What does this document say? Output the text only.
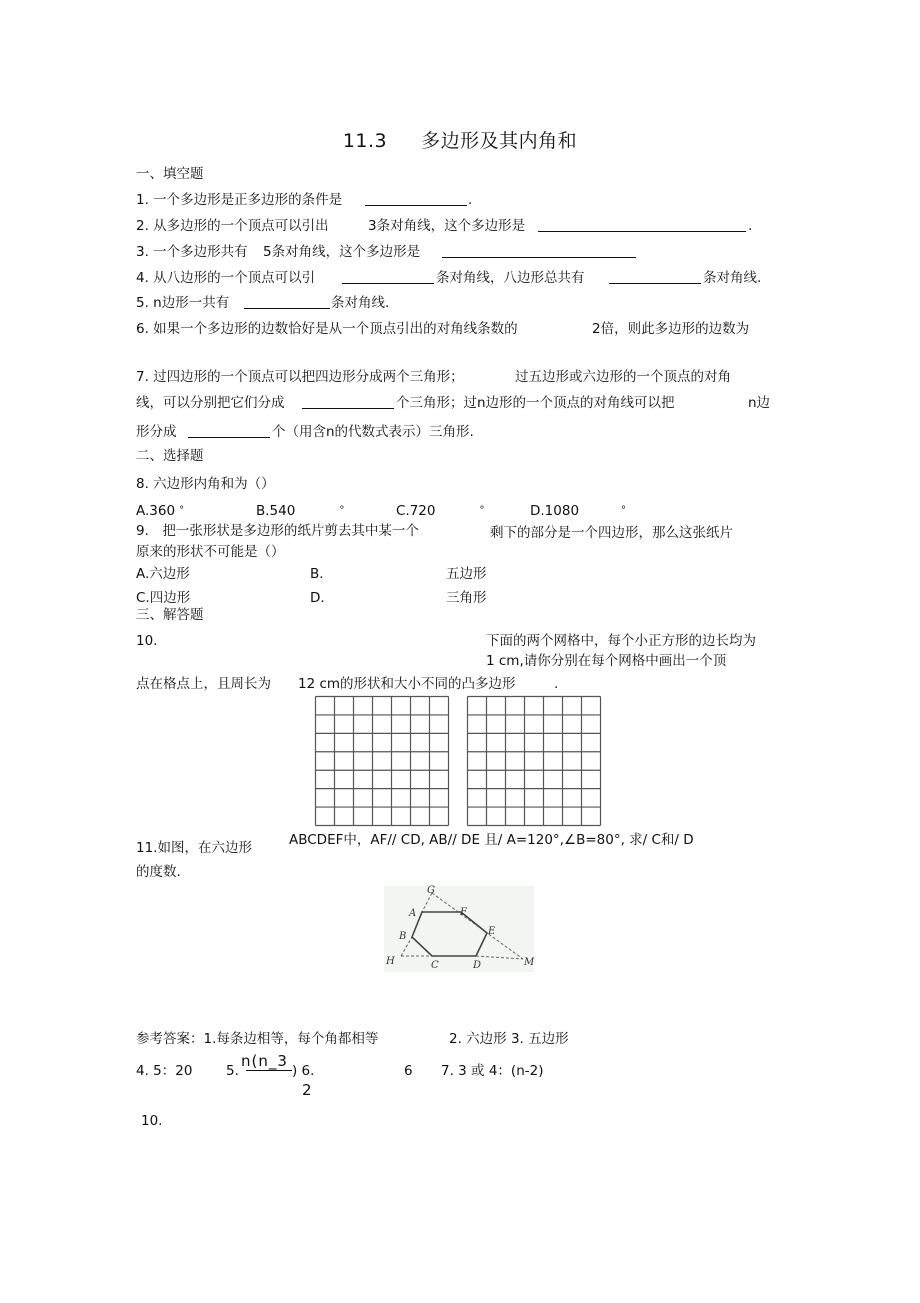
11.3 多边形及其内角和
一、填空题
1. 一个多边形是正多边形的条件是	.
2. 从多边形的一个顶点可以引出	3条对角线，这个多边形是	.
3. 一个多边形共有 5条对角线，这个多边形是
4. 从八边形的一个顶点可以引	条对角线，八边形总共有	条对角线.
5. n边形一共有	条对角线.
6. 如果一个多边形的边数恰好是从一个顶点引出的对角线条数的	2倍，则此多边形的边数为
7. 过四边形的一个顶点可以把四边形分成两个三角形；	过五边形或六边形的一个顶点的对角
线，可以分别把它们分成	个三角形；过n边形的一个顶点的对角线可以把	n边
形分成	个（用含n的代数式表示）三角形.
二、选择题
8. 六边形内角和为（）
A.360 °	B.540	°	C.720	°	D.1080	°
9.　把一张形状是多边形的纸片剪去其中某一个	剩下的部分是一个四边形，那么这张纸片
原来的形状不可能是（）
A.六边形	B.	五边形
C.四边形	D.	三角形
三、解答题
10.	下面的两个网格中，每个小正方形的边长均为
1 cm,请你分别在每个网格中画出一个顶
点在格点上，且周长为 12 cm的形状和大小不同的凸多边形	.
ABCDEF中，AF// CD, AB// DE 且∕ A=120°,∠B=80°, 求∕ C和∕ D
11.如图，在六边形
的度数.
G
A	F
B	E
H	C	D	M
参考答案：1.每条边相等，每个角都相等	2. 六边形 3. 五边形
4. 5：20 5.
n(n_3
2
) 6.	6 7. 3 或 4：(n-2)
10.
